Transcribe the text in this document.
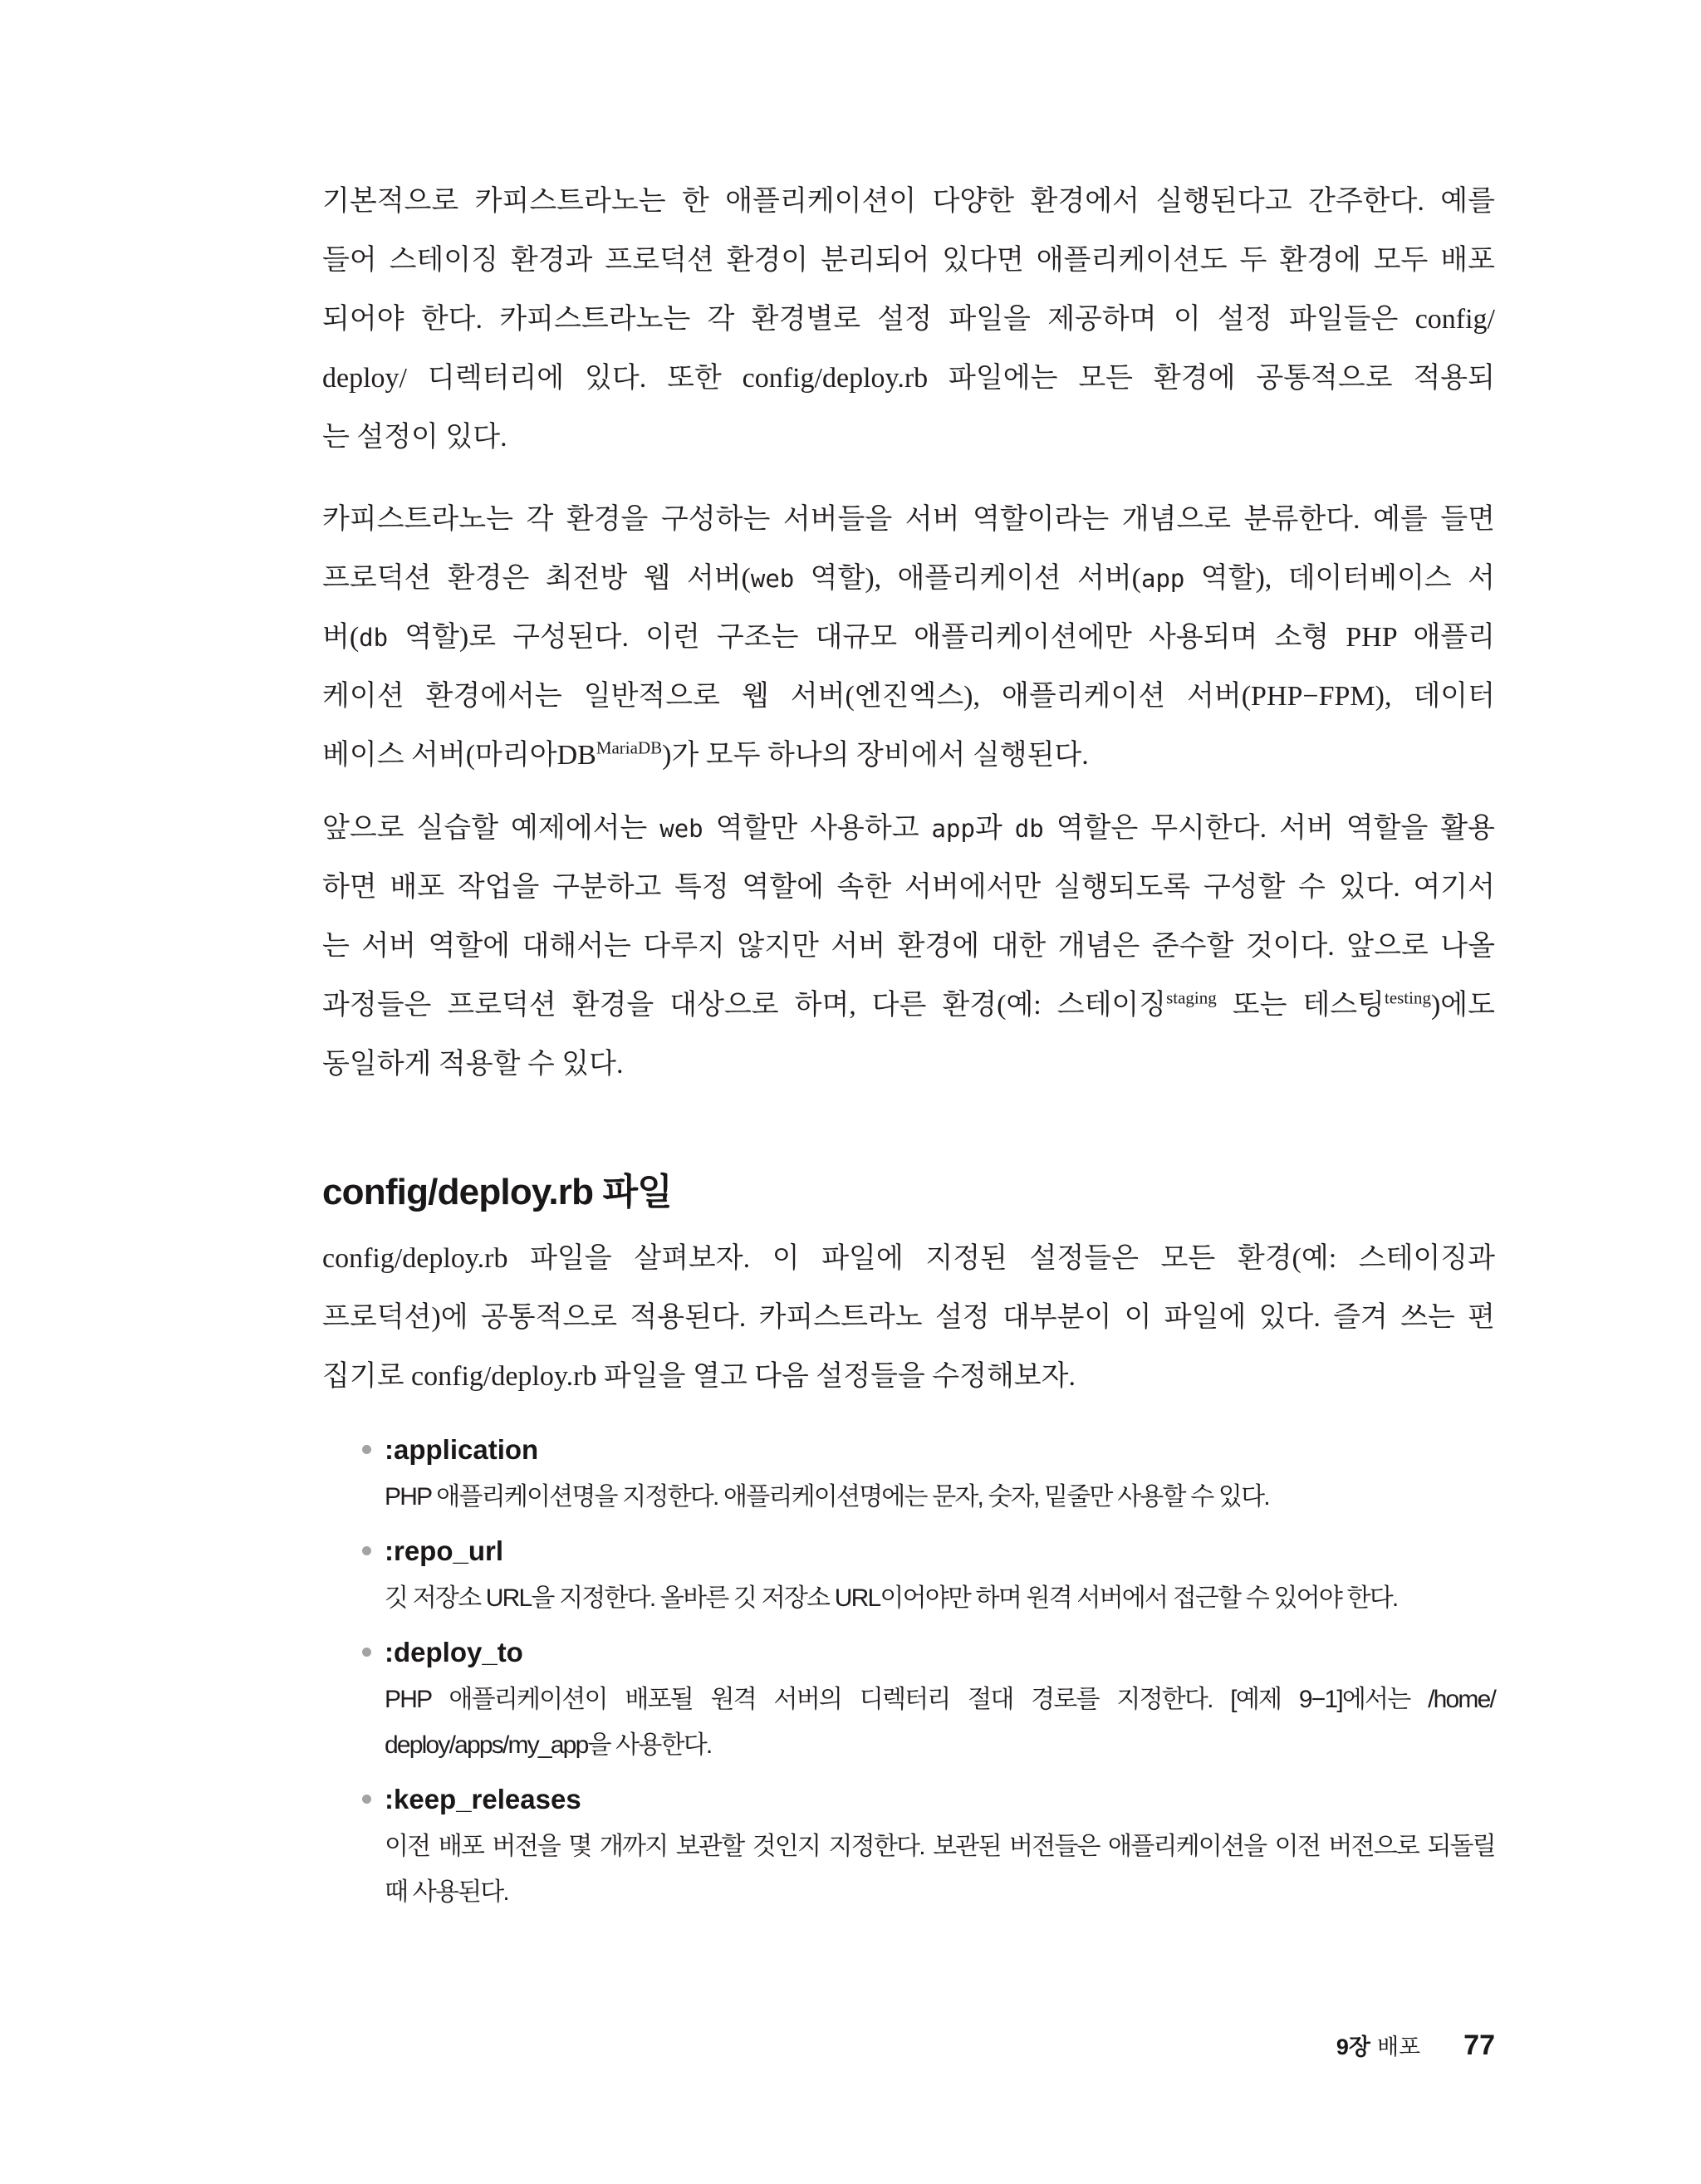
기본적으로 카피스트라노는 한 애플리케이션이 다양한 환경에서 실행된다고 간주한다. 예를
들어 스테이징 환경과 프로덕션 환경이 분리되어 있다면 애플리케이션도 두 환경에 모두 배포
되어야 한다. 카피스트라노는 각 환경별로 설정 파일을 제공하며 이 설정 파일들은 config/
deploy/ 디렉터리에 있다. 또한 config/deploy.rb 파일에는 모든 환경에 공통적으로 적용되
는 설정이 있다.
카피스트라노는 각 환경을 구성하는 서버들을 서버 역할이라는 개념으로 분류한다. 예를 들면
프로덕션 환경은 최전방 웹 서버(web 역할), 애플리케이션 서버(app 역할), 데이터베이스 서
버(db 역할)로 구성된다. 이런 구조는 대규모 애플리케이션에만 사용되며 소형 PHP 애플리
케이션 환경에서는 일반적으로 웹 서버(엔진엑스), 애플리케이션 서버(PHP−FPM), 데이터
베이스 서버(마리아$DB^{MariaDB}$)가 모두 하나의 장비에서 실행된다.
앞으로 실습할 예제에서는 web 역할만 사용하고 app과 db 역할은 무시한다. 서버 역할을 활용
하면 배포 작업을 구분하고 특정 역할에 속한 서버에서만 실행되도록 구성할 수 있다. 여기서
는 서버 역할에 대해서는 다루지 않지만 서버 환경에 대한 개념은 준수할 것이다. 앞으로 나올
과정들은 프로덕션 환경을 대상으로 하며, 다른 환경(예: 스테이징$^{staging}$ 또는 테스팅$^{testing}$)에도
동일하게 적용할 수 있다.
config/deploy.rb 파일
config/deploy.rb 파일을 살펴보자. 이 파일에 지정된 설정들은 모든 환경(예: 스테이징과
프로덕션)에 공통적으로 적용된다. 카피스트라노 설정 대부분이 이 파일에 있다. 즐겨 쓰는 편
집기로 config/deploy.rb 파일을 열고 다음 설정들을 수정해보자.
:application
PHP 애플리케이션명을 지정한다. 애플리케이션명에는 문자, 숫자, 밑줄만 사용할 수 있다.
:repo_url
깃 저장소 URL을 지정한다. 올바른 깃 저장소 URL이어야만 하며 원격 서버에서 접근할 수 있어야 한다.
:deploy_to
PHP 애플리케이션이 배포될 원격 서버의 디렉터리 절대 경로를 지정한다. [예제 9−1]에서는 /home/
deploy/apps/my_app을 사용한다.
:keep_releases
이전 배포 버전을 몇 개까지 보관할 것인지 지정한다. 보관된 버전들은 애플리케이션을 이전 버전으로 되돌릴
때 사용된다.
9장 배포 77
